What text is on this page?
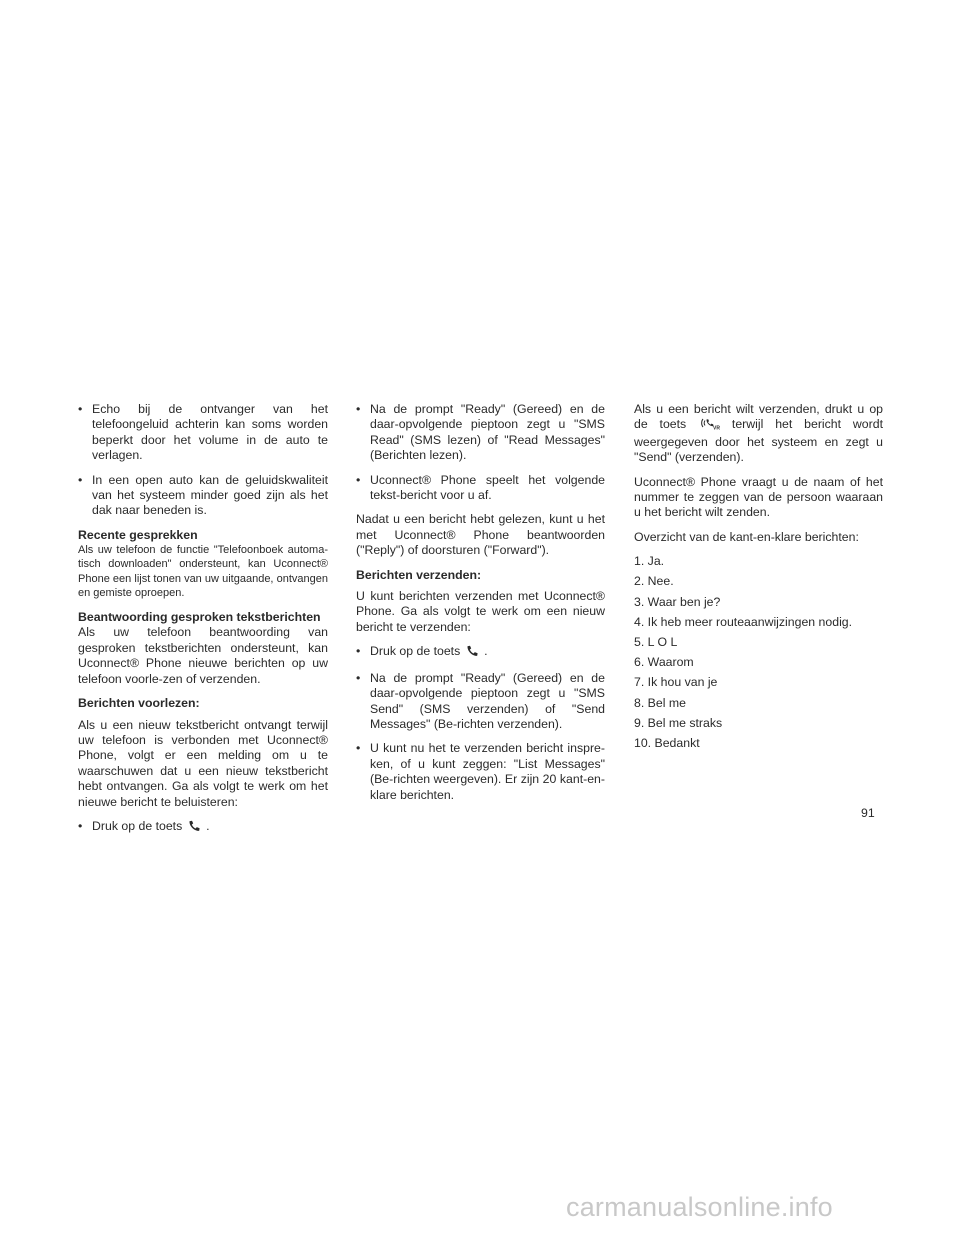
• Echo bij de ontvanger van het telefoongeluid achterin kan soms worden beperkt door het volume in de auto te verlagen.
• In een open auto kan de geluidskwaliteit van het systeem minder goed zijn als het dak naar beneden is.
Recente gesprekken

Als uw telefoon de functie "Telefoonboek automa-tisch downloaden" ondersteunt, kan Uconnect® Phone een lijst tonen van uw uitgaande, ontvangen en gemiste oproepen.

Beantwoording gesproken tekstberichten

Als uw telefoon beantwoording van gesproken tekstberichten ondersteunt, kan Uconnect® Phone nieuwe berichten op uw telefoon voorle-zen of verzenden.

Berichten voorlezen:

Als u een nieuw tekstbericht ontvangt terwijl uw telefoon is verbonden met Uconnect® Phone, volgt er een melding om u te waarschuwen dat u een nieuw tekstbericht hebt ontvangen. Ga als volgt te werk om het nieuwe bericht te beluisteren:

• Druk op de toets .
• Na de prompt "Ready" (Gereed) en de daar-opvolgende pieptoon zegt u "SMS Read" (SMS lezen) of "Read Messages" (Berichten lezen).
• Uconnect® Phone speelt het volgende tekst-bericht voor u af.

Nadat u een bericht hebt gelezen, kunt u het met Uconnect® Phone beantwoorden ("Reply") of doorsturen ("Forward").

Berichten verzenden:

U kunt berichten verzenden met Uconnect® Phone. Ga als volgt te werk om een nieuw bericht te verzenden:

• Druk op de toets .
• Na de prompt "Ready" (Gereed) en de daar-opvolgende pieptoon zegt u "SMS Send" (SMS verzenden) of "Send Messages" (Be-richten verzenden).
• U kunt nu het te verzenden bericht inspre-ken, of u kunt zeggen: "List Messages" (Be-richten weergeven). Er zijn 20 kant-en-klare berichten.

Als u een bericht wilt verzenden, drukt u op de toets	VR terwijl het bericht wordt weergegeven door het systeem en zegt u "Send" (verzenden).

Uconnect® Phone vraagt u de naam of het nummer te zeggen van de persoon waaraan u het bericht wilt zenden.

Overzicht van de kant-en-klare berichten:

1. Ja.
2. Nee.
3. Waar ben je?
4. Ik heb meer routeaanwijzingen nodig.
5. L O L
6. Waarom
7. Ik hou van je
8. Bel me
9. Bel me straks
10. Bedankt
91
carmanualsonline.info
